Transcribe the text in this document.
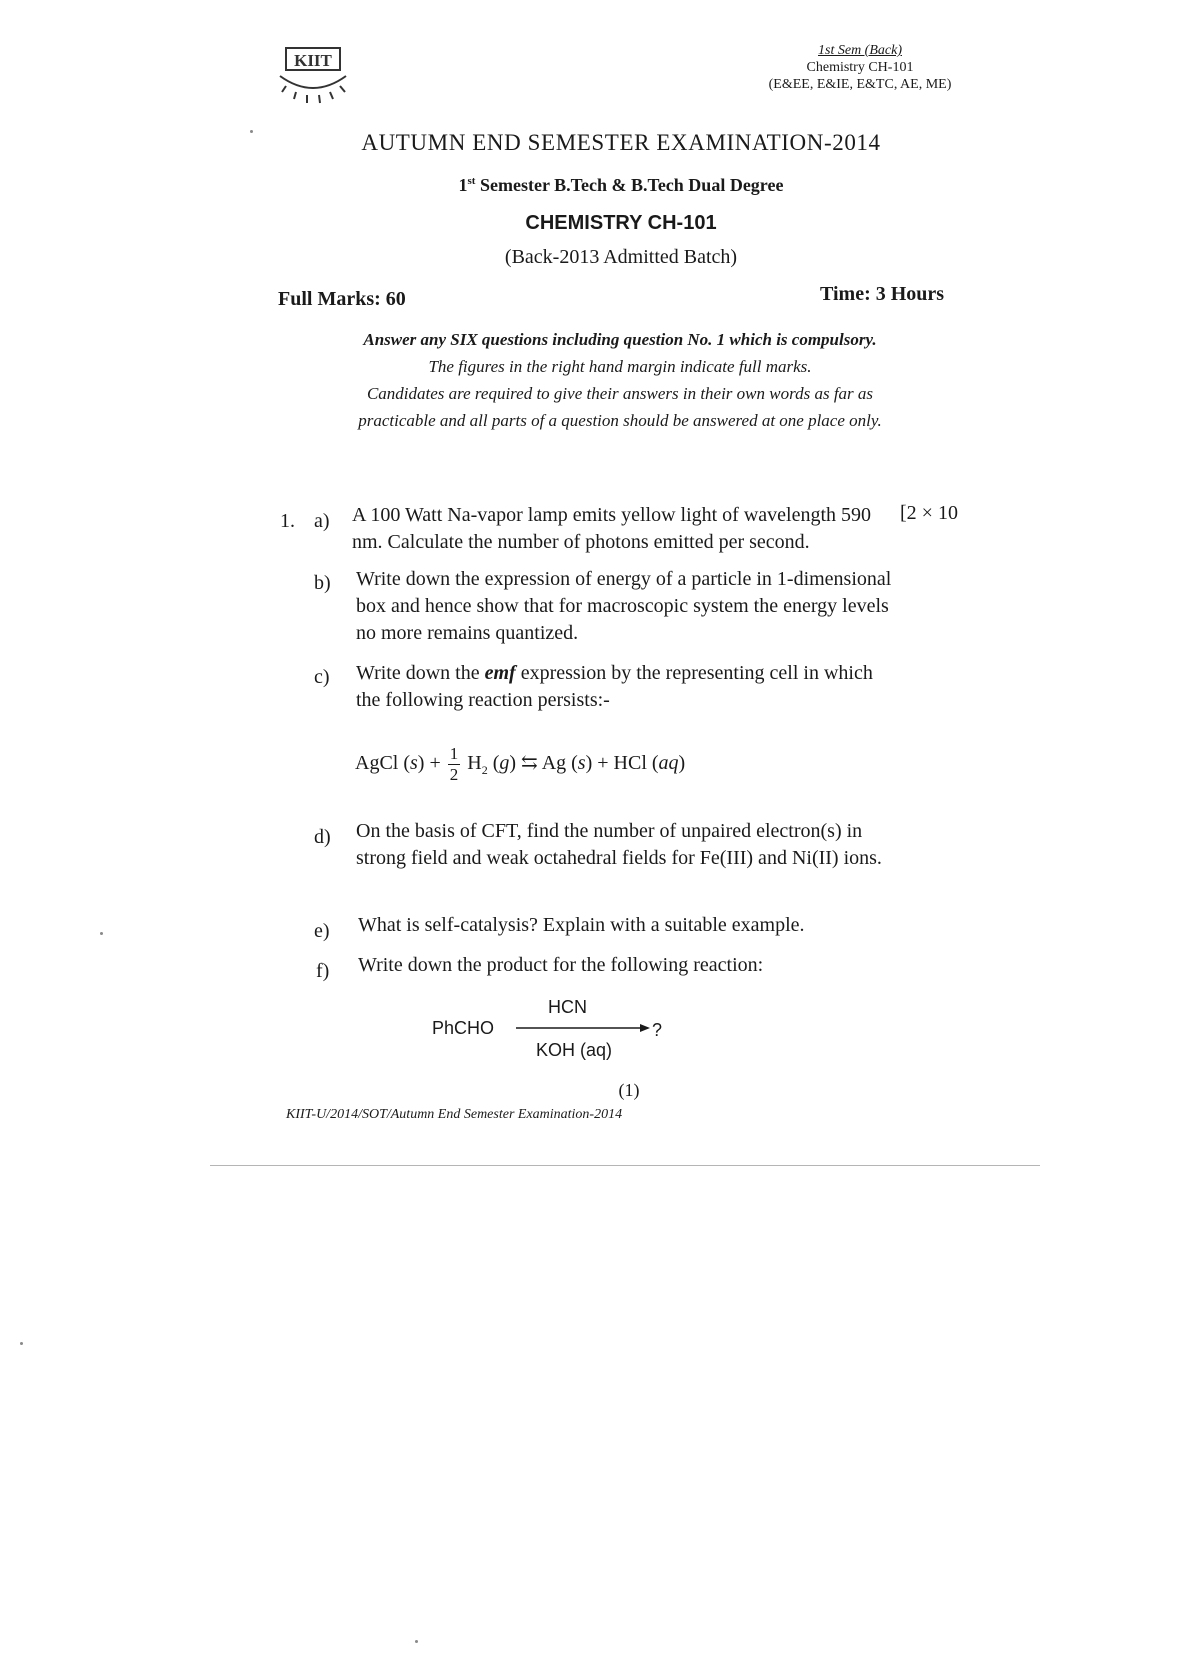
KIIT
1st Sem (Back)
Chemistry CH-101
(E&EE, E&IE, E&TC, AE, ME)
AUTUMN END SEMESTER EXAMINATION-2014
1st Semester B.Tech & B.Tech Dual Degree
CHEMISTRY CH-101
(Back-2013 Admitted Batch)
Full Marks: 60	Time: 3 Hours
Answer any SIX questions including question No. 1 which is compulsory.
The figures in the right hand margin indicate full marks.
Candidates are required to give their answers in their own words as far as
practicable and all parts of a question should be answered at one place only.
1.	[2 × 10
a)	A 100 Watt Na-vapor lamp emits yellow light of wavelength 590 nm. Calculate the number of photons emitted per second.
b)	Write down the expression of energy of a particle in 1-dimensional box and hence show that for macroscopic system the energy levels no more remains quantized.
c)	Write down the emf expression by the representing cell in which the following reaction persists:-
AgCl $(s) + \frac{1}{2} H_2$ (g) ⇆ Ag (s) + HCl (aq)
d)	On the basis of CFT, find the number of unpaired electron(s) in strong field and weak octahedral fields for Fe(III) and Ni(II) ions.
e)	What is self-catalysis? Explain with a suitable example.
f)	Write down the product for the following reaction:
PhCHO
HCN
KOH (aq)
?
(1)
KIIT-U/2014/SOT/Autumn End Semester Examination-2014
